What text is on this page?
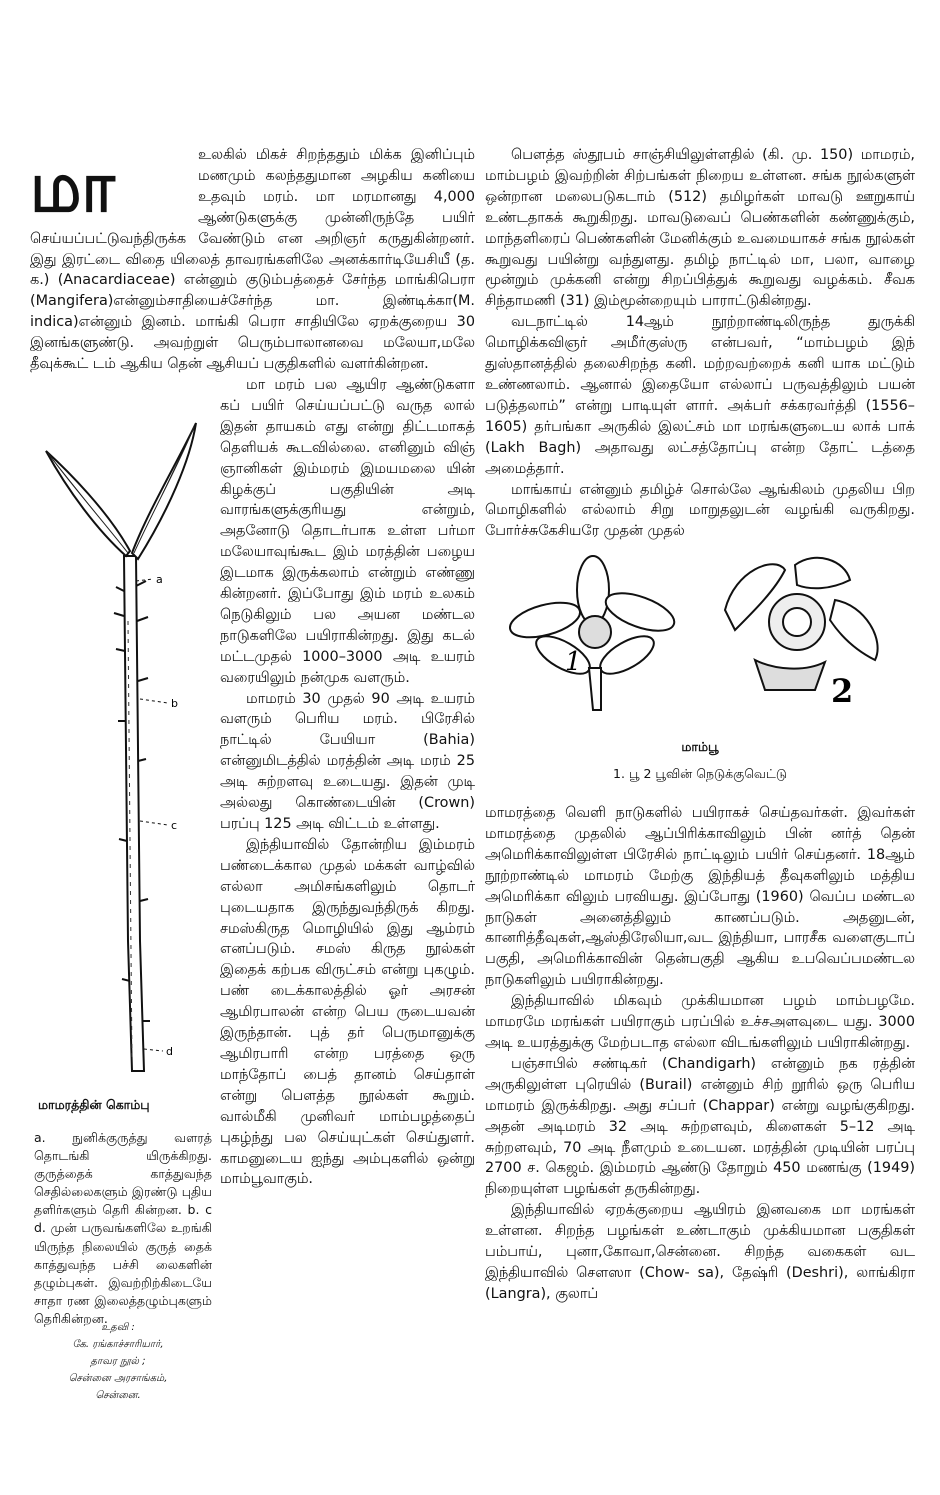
மா	உலகில் மிகச் சிறந்ததும் மிக்க இனிப்பும் மணமும் கலந்ததுமான அழகிய கனியை உதவும் மரம். மா மரமானது 4,000 ஆண்டுகளுக்கு முன்னிருந்தே பயிர் செய்யப்பட்டுவந்திருக்க வேண்டும் என அறிஞர் கருதுகின்றனர். இது இரட்டை விதை யிலைத் தாவரங்களிலே அனக்கார்டியேசியீ (த. க.) (Anacardiaceae) என்னும் குடும்பத்தைச் சேர்ந்த மாங்கிபெரா (Mangifera)என்னும்சாதியைச்சேர்ந்த மா. இண்டிக்கா(M. indica)என்னும் இனம். மாங்கி பெரா சாதியிலே ஏறக்குறைய 30 இனங்களுண்டு. அவற்றுள் பெரும்பாலானவை மலேயா,மலே தீவுக்கூட் டம் ஆகிய தென் ஆசியப் பகுதிகளில் வளர்கின்றன.

a
b
c
d
மாமரத்தின் கொம்பு
a. நுனிக்குருத்து வளரத் தொடங்கி யிருக்கிறது. குருத்தைக் காத்துவந்த செதில்லைகளும் இரண்டு புதிய தளிர்களும் தெரி கின்றன. b. c d. முன் பருவங்களிலே உறங்கி யிருந்த நிலையில் குருத் தைக் காத்துவந்த பச்சி லைகளின் தழும்புகள். இவற்றிற்கிடையே சாதா ரண இலைத்தழும்புகளும் தெரிகின்றன.
உதவி :
கே. ரங்காச்சாரியார்,
தாவர நூல் ;
சென்னை அரசாங்கம்,
சென்னை.

மா மரம் பல ஆயிர ஆண்டுகளா கப் பயிர் செய்யப்பட்டு வருத லால் இதன் தாயகம் எது என்று திட்டமாகத் தெளியக் கூடவில்லை. எனினும் விஞ் ஞானிகள் இம்மரம் இமயமலை யின் கிழக்குப் பகுதியின் அடி வாரங்களுக்குரியது என்றும், அதனோடு தொடர்பாக உள்ள பர்மா மலேயாவுங்கூட இம் மரத்தின் பழைய இடமாக இருக்கலாம் என்றும் எண்ணு கின்றனர். இப்போது இம் மரம் உலகம் நெடுகிலும் பல அயன மண்டல நாடுகளிலே பயிராகின்றது. இது கடல் மட்டமுதல் 1000–3000 அடி உயரம் வரையிலும் நன்முக வளரும்.

மாமரம் 30 முதல் 90 அடி உயரம் வளரும் பெரிய மரம். பிரேசில் நாட்டில் பேயியா (Bahia) என்னுமிடத்தில் மரத்தின் அடி மரம் 25 அடி சுற்றளவு உடையது. இதன் முடி அல்லது கொண்டையின் (Crown) பரப்பு 125 அடி விட்டம் உள்ளது.

இந்தியாவில் தோன்றிய இம்மரம் பண்டைக்கால முதல் மக்கள் வாழ்வில் எல்லா அமிசங்களிலும் தொடர் புடையதாக இருந்துவந்திருக் கிறது. சமஸ்கிருத மொழியில் இது ஆம்ரம் எனப்படும். சமஸ் கிருத நூல்கள் இதைக் கற்பக விருட்சம் என்று புகழும். பண் டைக்காலத்தில் ஓர் அரசன் ஆமிரபாலன் என்ற பெய ருடையவன் இருந்தான். புத் தர் பெருமானுக்கு ஆமிரபாரி என்ற பரத்தை ஒரு மாந்தோப் பைத் தானம் செய்தாள் என்று பௌத்த நூல்கள் கூறும். வால்மீகி முனிவர் மாம்பழத்தைப் புகழ்ந்து பல செய்யுட்கள் செய்துளர். காமனுடைய ஐந்து அம்புகளில் ஒன்று மாம்பூவாகும்.

பௌத்த ஸ்தூபம் சாஞ்சியிலுள்ளதில் (கி. மு. 150) மாமரம், மாம்பழம் இவற்றின் சிற்பங்கள் நிறைய உள்ளன. சங்க நூல்களுள் ஒன்றான மலைபடுகடாம் (512) தமிழர்கள் மாவடு ஊறுகாய் உண்டதாகக் கூறுகிறது. மாவடுவைப் பெண்களின் கண்ணுக்கும், மாந்தளிரைப் பெண்களின் மேனிக்கும் உவமையாகச் சங்க நூல்கள் கூறுவது பயின்று வந்துளது. தமிழ் நாட்டில் மா, பலா, வாழை மூன்றும் முக்கனி என்று சிறப்பித்துக் கூறுவது வழக்கம். சீவக சிந்தாமணி (31) இம்மூன்றையும் பாராட்டுகின்றது.

வடநாட்டில் 14ஆம் நூற்றாண்டிலிருந்த துருக்கி மொழிக்கவிஞர் அமீர்குஸ்ரு என்பவர், “மாம்பழம் இந் துஸ்தானத்தில் தலைசிறந்த கனி. மற்றவற்றைக் கனி யாக மட்டும் உண்ணலாம். ஆனால் இதையோ எல்லாப் பருவத்திலும் பயன் படுத்தலாம்” என்று பாடியுள் ளார். அக்பர் சக்கரவர்த்தி (1556–1605) தர்பங்கா அருகில் இலட்சம் மா மரங்களுடைய லாக் பாக் (Lakh Bagh) அதாவது லட்சத்தோப்பு என்ற தோட் டத்தை அமைத்தார்.

மாங்காய் என்னும் தமிழ்ச் சொல்லே ஆங்கிலம் முதலிய பிற மொழிகளில் எல்லாம் சிறு மாறுதலுடன் வழங்கி வருகிறது. போர்ச்சுகேசியரே முதன் முதல்

1
2
மாம்பூ
1. பூ 2 பூவின் நெடுக்குவெட்டு

மாமரத்தை வெளி நாடுகளில் பயிராகச் செய்தவர்கள். இவர்கள் மாமரத்தை முதலில் ஆப்பிரிக்காவிலும் பின் னர்த் தென் அமெரிக்காவிலுள்ள பிரேசில் நாட்டிலும் பயிர் செய்தனர். 18ஆம் நூற்றாண்டில் மாமரம் மேற்கு இந்தியத் தீவுகளிலும் மத்திய அமெரிக்கா விலும் பரவியது. இப்போது (1960) வெப்ப மண்டல நாடுகள் அனைத்திலும் காணப்படும். அதனுடன், கானரித்தீவுகள்,ஆஸ்திரேலியா,வட இந்தியா, பாரசீக வளைகுடாப் பகுதி, அமெரிக்காவின் தென்பகுதி ஆகிய உபவெப்பமண்டல நாடுகளிலும் பயிராகின்றது.

இந்தியாவில் மிகவும் முக்கியமான பழம் மாம்பழமே. மாமரமே மரங்கள் பயிராகும் பரப்பில் உச்சஅளவுடை யது. 3000 அடி உயரத்துக்கு மேற்படாத எல்லா விடங்களிலும் பயிராகின்றது.

பஞ்சாபில் சண்டிகர் (Chandigarh) என்னும் நக ரத்தின் அருகிலுள்ள புரெயில் (Burail) என்னும் சிற் றூரில் ஒரு பெரிய மாமரம் இருக்கிறது. அது சப்பர் (Chappar) என்று வழங்குகிறது. அதன் அடிமரம் 32 அடி சுற்றளவும், கிளைகள் 5–12 அடி சுற்றளவும், 70 அடி நீளமும் உடையன. மரத்தின் முடியின் பரப்பு 2700 ச. கெஜம். இம்மரம் ஆண்டு தோறும் 450 மணங்கு (1949) நிறையுள்ள பழங்கள் தருகின்றது.

இந்தியாவில் ஏறக்குறைய ஆயிரம் இனவகை மா மரங்கள் உள்ளன. சிறந்த பழங்கள் உண்டாகும் முக்கியமான பகுதிகள் பம்பாய், புனா,கோவா,சென்னை. சிறந்த வகைகள் வட இந்தியாவில் சௌஸா (Chow- sa), தேஷ்ரி (Deshri), லாங்கிரா (Langra), குலாப்
